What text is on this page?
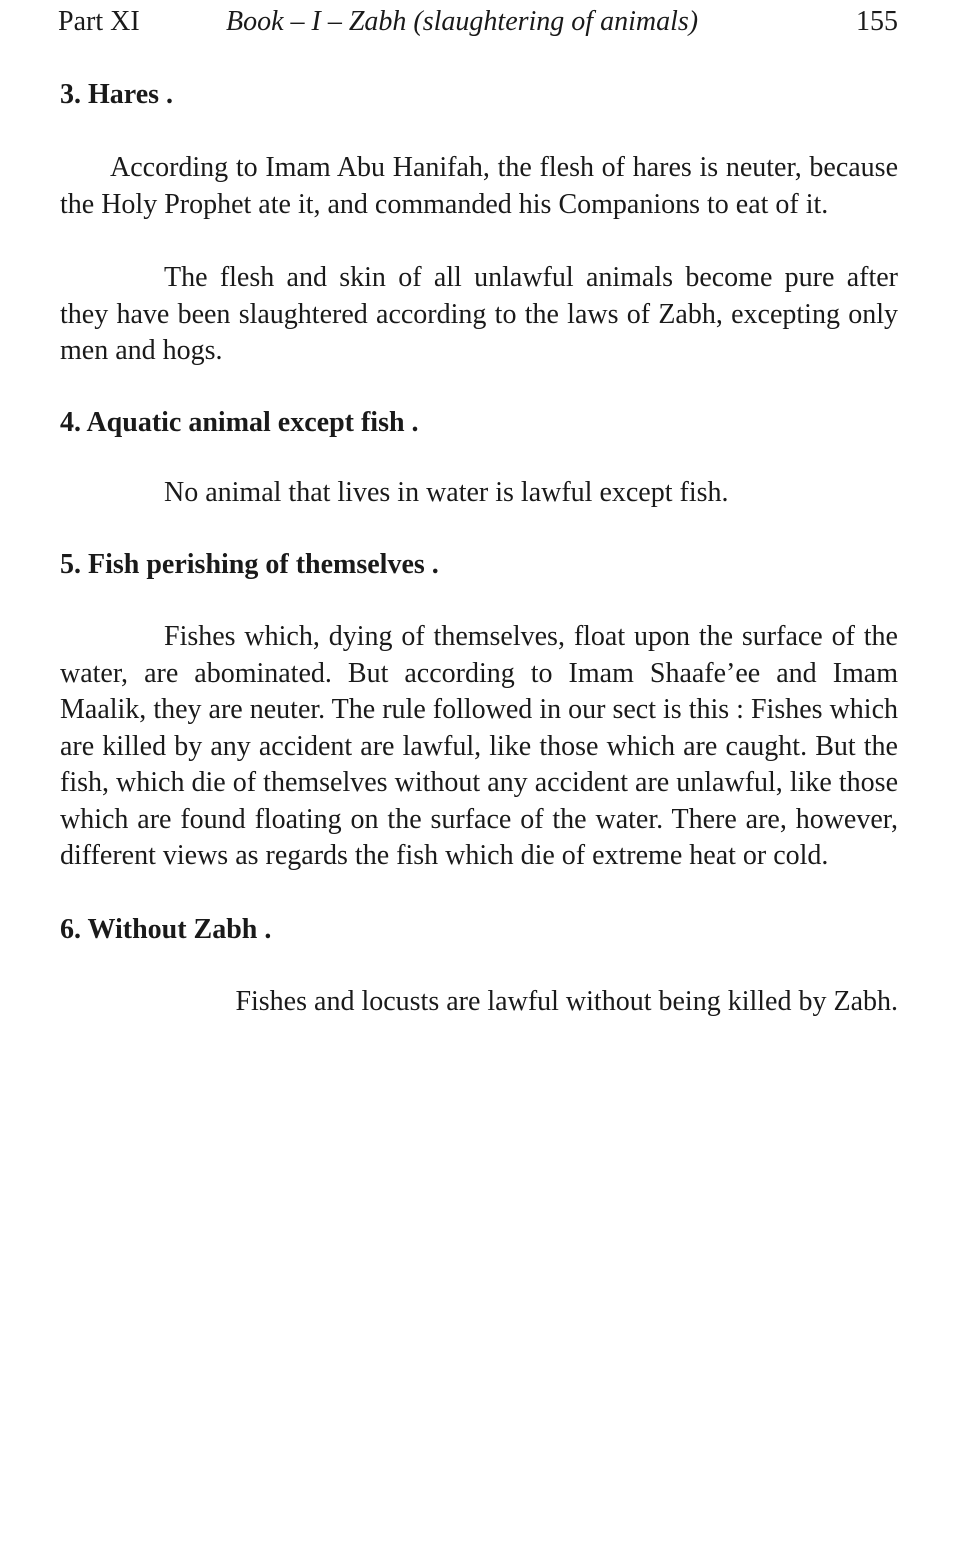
Part XI	Book – I – Zabh (slaughtering of animals)	155

3. Hares .

According to Imam Abu Hanifah, the flesh of hares is neuter, because the Holy Prophet ate it, and commanded his Companions to eat of it.

The flesh and skin of all unlawful animals become pure after they have been slaughtered according to the laws of Zabh, excepting only men and hogs.

4. Aquatic animal except fish .

No animal that lives in water is lawful except fish.

5. Fish perishing of themselves .

Fishes which, dying of themselves, float upon the surface of the water, are abominated. But according to Imam Shaafe’ee and Imam Maalik, they are neuter. The rule followed in our sect is this : Fishes which are killed by any accident are lawful, like those which are caught. But the fish, which die of themselves without any accident are unlawful, like those which are found floating on the surface of the water. There are, however, different views as regards the fish which die of extreme heat or cold.

6. Without Zabh .

Fishes and locusts are lawful without being killed by Zabh.
